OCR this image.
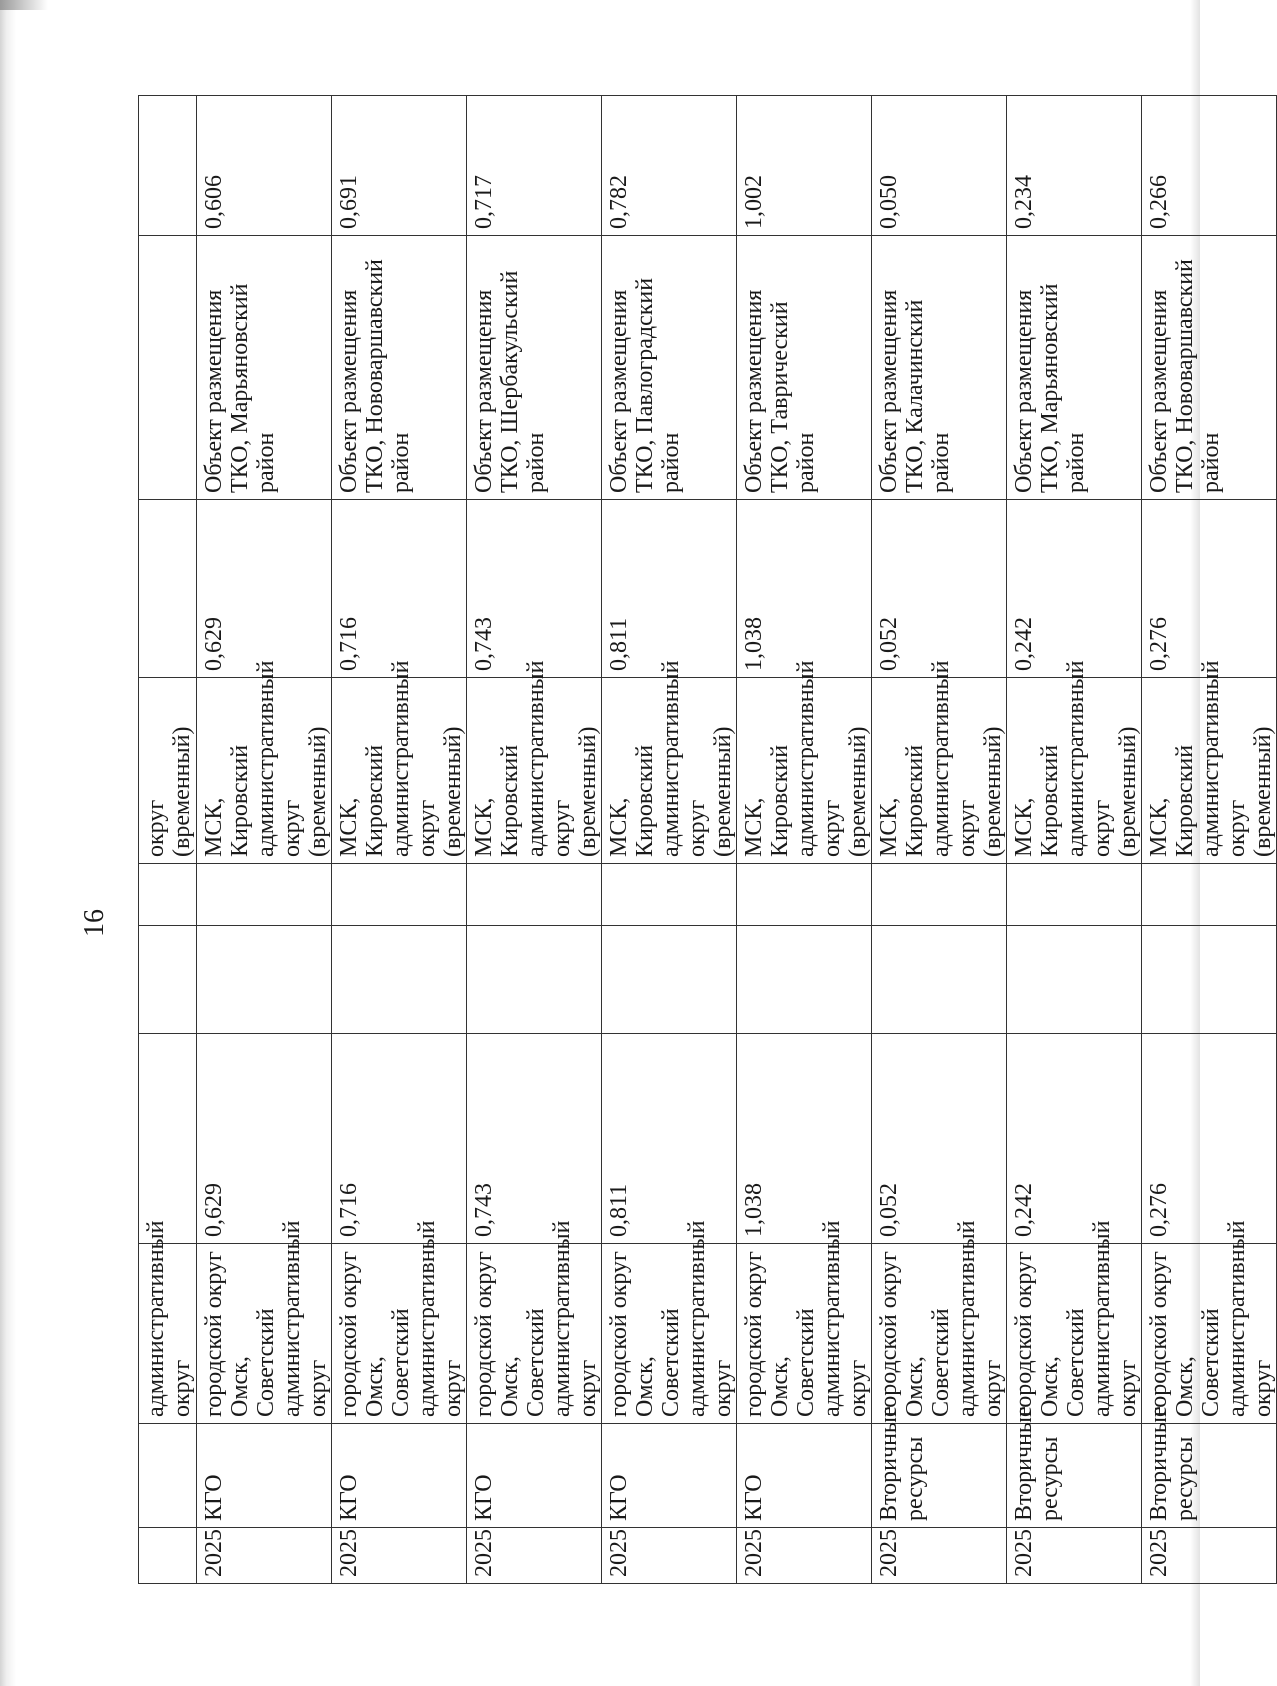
16
		административный округ				округ (временный)			
2025	КГО	городской округ Омск, Советский административный округ	0,629			МСК, Кировский административный округ (временный)	0,629	Объект размещения ТКО, Марьяновский район	0,606
2025	КГО	городской округ Омск, Советский административный округ	0,716			МСК, Кировский административный округ (временный)	0,716	Объект размещения ТКО, Нововаршавский район	0,691
2025	КГО	городской округ Омск, Советский административный округ	0,743			МСК, Кировский административный округ (временный)	0,743	Объект размещения ТКО, Шербакульский район	0,717
2025	КГО	городской округ Омск, Советский административный округ	0,811			МСК, Кировский административный округ (временный)	0,811	Объект размещения ТКО, Павлоградский район	0,782
2025	КГО	городской округ Омск, Советский административный округ	1,038			МСК, Кировский административный округ (временный)	1,038	Объект размещения ТКО, Таврический район	1,002
2025	Вторичные ресурсы	городской округ Омск, Советский административный округ	0,052			МСК, Кировский административный округ (временный)	0,052	Объект размещения ТКО, Калачинский район	0,050
2025	Вторичные ресурсы	городской округ Омск, Советский административный округ	0,242			МСК, Кировский административный округ (временный)	0,242	Объект размещения ТКО, Марьяновский район	0,234
2025	Вторичные ресурсы	городской округ Омск, Советский административный округ	0,276			МСК, Кировский административный округ (временный)	0,276	Объект размещения ТКО, Нововаршавский район	0,266
